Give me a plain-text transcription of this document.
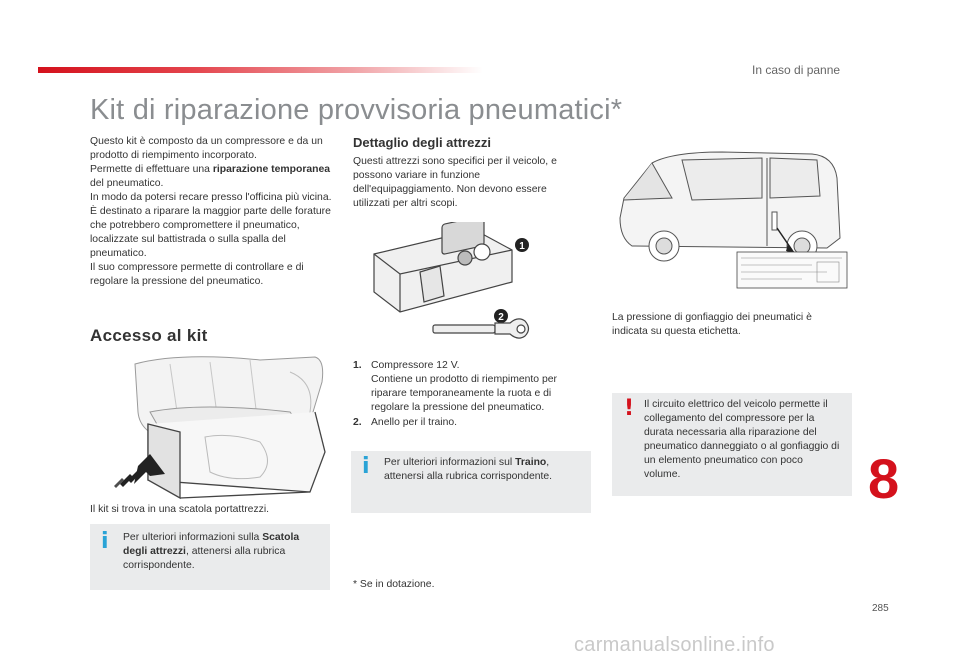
In caso di panne
Kit di riparazione provvisoria pneumatici*
Questo kit è composto da un compressore e da un prodotto di riempimento incorporato.
Permette di effettuare una riparazione temporanea del pneumatico.
In modo da potersi recare presso l'officina più vicina.
È destinato a riparare la maggior parte delle forature che potrebbero compromettere il pneumatico, localizzate sul battistrada o sulla spalla del pneumatico.
Il suo compressore permette di controllare e di regolare la pressione del pneumatico.
Accesso al kit
Il kit si trova in una scatola portattrezzi.
i Per ulteriori informazioni sulla Scatola degli attrezzi, attenersi alla rubrica corrispondente.
Dettaglio degli attrezzi
Questi attrezzi sono specifici per il veicolo, e possono variare in funzione dell'equipaggiamento. Non devono essere utilizzati per altri scopi.
1
2
1. Compressore 12 V.
Contiene un prodotto di riempimento per riparare temporaneamente la ruota e di regolare la pressione del pneumatico.
2. Anello per il traino.
i Per ulteriori informazioni sul Traino, attenersi alla rubrica corrispondente.
* Se in dotazione.
La pressione di gonfiaggio dei pneumatici è indicata su questa etichetta.
! Il circuito elettrico del veicolo permette il collegamento del compressore per la durata necessaria alla riparazione del pneumatico danneggiato o al gonfiaggio di un elemento pneumatico con poco volume.	8
285
carmanualsonline.info
